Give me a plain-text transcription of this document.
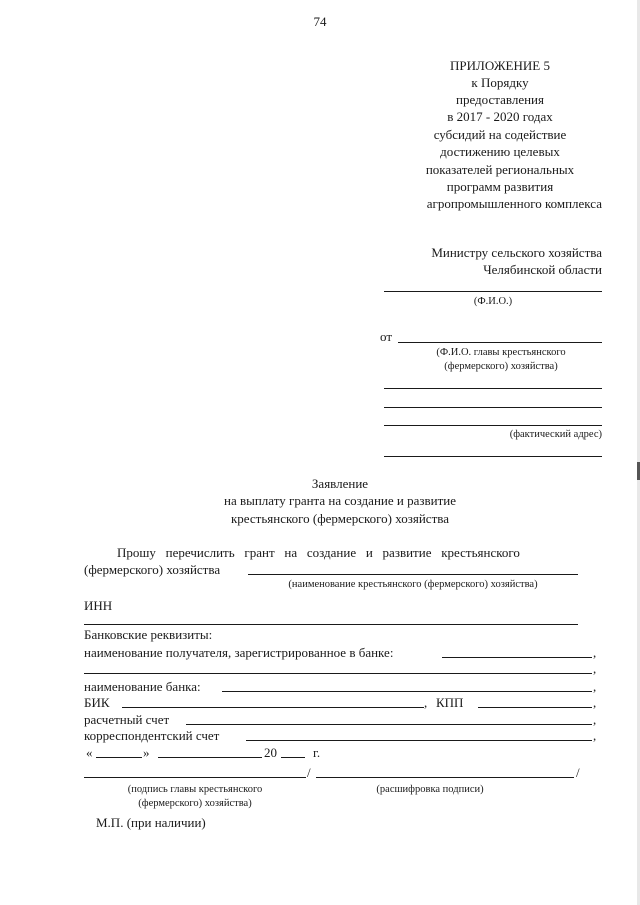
74
ПРИЛОЖЕНИЕ 5
к Порядку
предоставления
в 2017 - 2020 годах
субсидий на содействие
достижению целевых
показателей региональных
программ развития
агропромышленного комплекса
Министру сельского хозяйства
Челябинской области
(Ф.И.О.)
от
(Ф.И.О. главы крестьянского
(фермерского) хозяйства)
(фактический адрес)
Заявление
на выплату гранта на создание и развитие
крестьянского (фермерского) хозяйства
Прошу   перечислить   грант   на   создание   и   развитие   крестьянского
(фермерского) хозяйства
(наименование крестьянского (фермерского) хозяйства)
ИНН
Банковские реквизиты:
наименование получателя, зарегистрированное в банке:	,
,
наименование банка:	,
БИК	, КПП	,
расчетный счет	,
корреспондентский счет	,
«	»	20	г.
/	/
(подпись главы крестьянского
(фермерского) хозяйства)
(расшифровка подписи)
М.П. (при наличии)
